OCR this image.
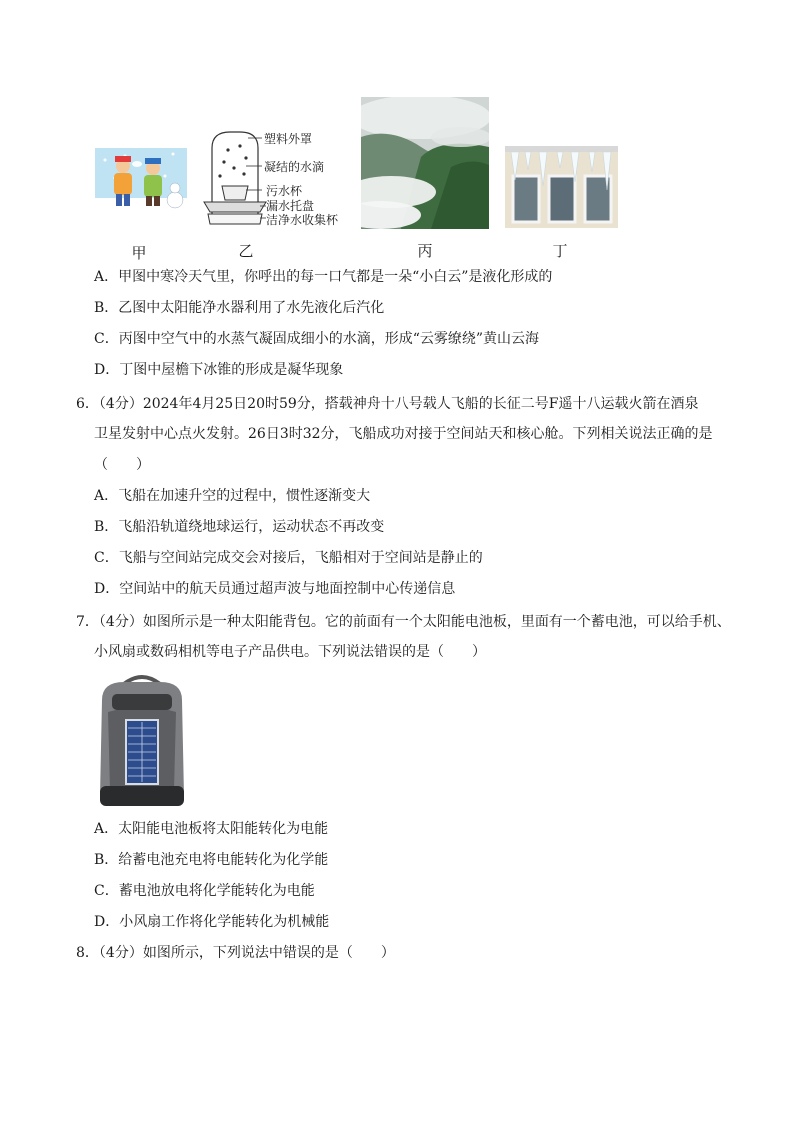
塑料外罩
凝结的水滴
污水杯
漏水托盘
洁净水收集杯
甲	乙	丙	丁
A．甲图中寒冷天气里，你呼出的每一口气都是一朵“小白云”是液化形成的
B．乙图中太阳能净水器利用了水先液化后汽化
C．丙图中空气中的水蒸气凝固成细小的水滴，形成“云雾缭绕”黄山云海
D．丁图中屋檐下冰锥的形成是凝华现象
6．（4分）2024年4月25日20时59分，搭载神舟十八号载人飞船的长征二号F遥十八运载火箭在酒泉
卫星发射中心点火发射。26日3时32分，飞船成功对接于空间站天和核心舱。下列相关说法正确的是
（　　）
A．飞船在加速升空的过程中，惯性逐渐变大
B．飞船沿轨道绕地球运行，运动状态不再改变
C．飞船与空间站完成交会对接后，飞船相对于空间站是静止的
D．空间站中的航天员通过超声波与地面控制中心传递信息
7．（4分）如图所示是一种太阳能背包。它的前面有一个太阳能电池板，里面有一个蓄电池，可以给手机、
小风扇或数码相机等电子产品供电。下列说法错误的是（　　）
A．太阳能电池板将太阳能转化为电能
B．给蓄电池充电将电能转化为化学能
C．蓄电池放电将化学能转化为电能
D．小风扇工作将化学能转化为机械能
8．（4分）如图所示，下列说法中错误的是（　　）
